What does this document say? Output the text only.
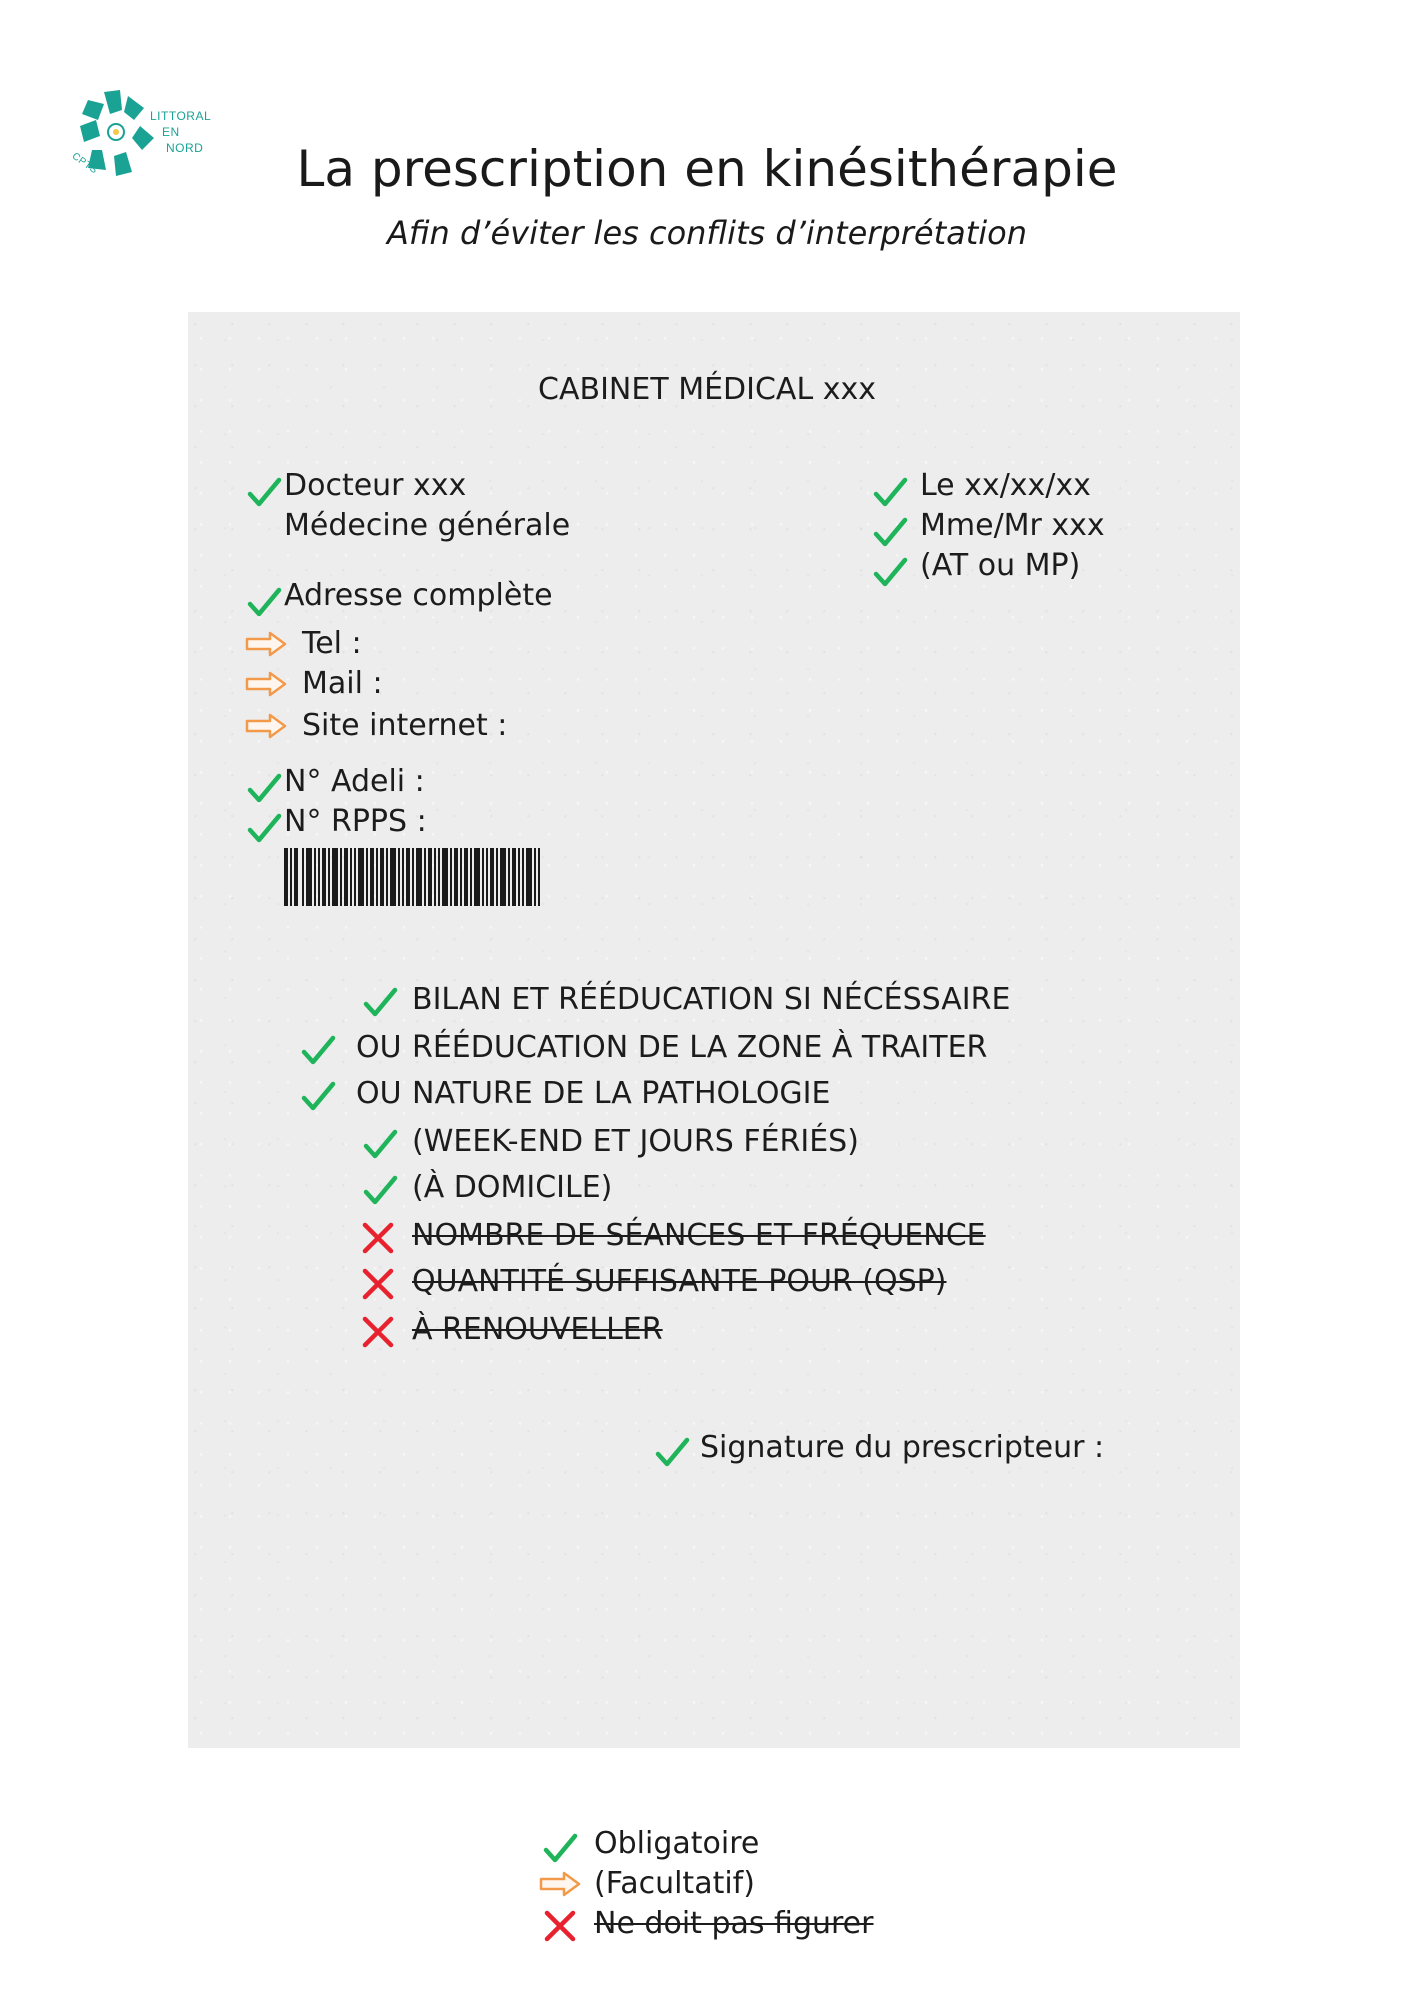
LITTORAL
EN
NORD
CPTS	La prescription en kinésithérapie
Afin d’éviter les conflits d’interprétation
CABINET MÉDICAL xxx
Docteur xxx
Médecine générale
Adresse complète
Tel :
Mail :
Site internet :
N° Adeli :
N° RPPS :
Le xx/xx/xx
Mme/Mr xxx
(AT ou MP)
BILAN ET RÉÉDUCATION SI NÉCÉSSAIRE
OU RÉÉDUCATION DE LA ZONE À TRAITER
OU NATURE DE LA PATHOLOGIE
(WEEK-END ET JOURS FÉRIÉS)
(À DOMICILE)
NOMBRE DE SÉANCES ET FRÉQUENCE
QUANTITÉ SUFFISANTE POUR (QSP)
À RENOUVELLER
Signature du prescripteur :
Obligatoire
(Facultatif)
Ne doit pas figurer
